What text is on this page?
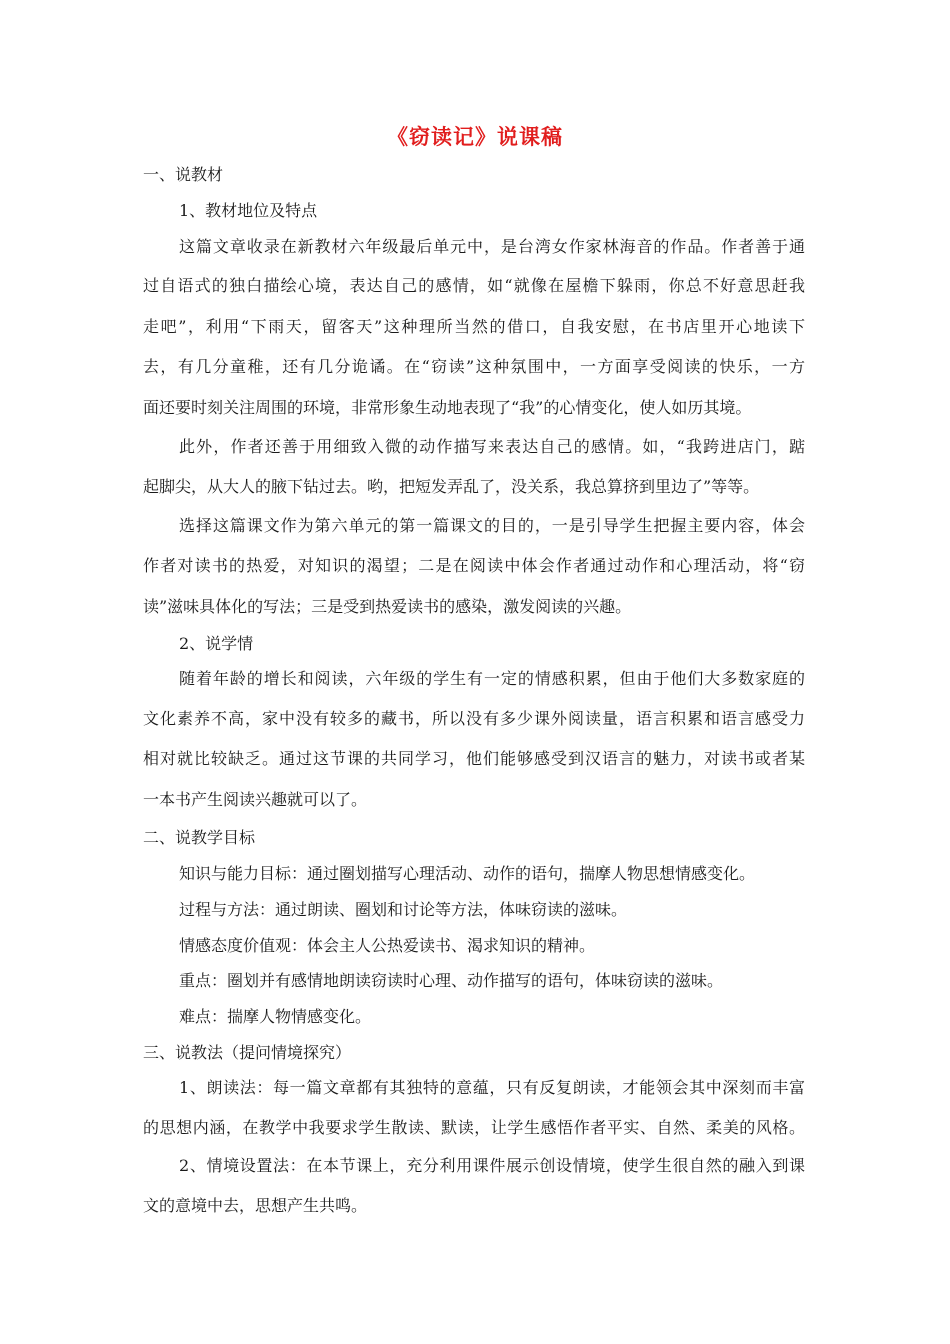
《窃读记》说课稿
一、说教材
1、教材地位及特点
这篇文章收录在新教材六年级最后单元中，是台湾女作家林海音的作品。作者善于通
过自语式的独白描绘心境，表达自己的感情，如“就像在屋檐下躲雨，你总不好意思赶我
走吧”，利用“下雨天，留客天”这种理所当然的借口，自我安慰，在书店里开心地读下
去，有几分童稚，还有几分诡谲。在“窃读”这种氛围中，一方面享受阅读的快乐，一方
面还要时刻关注周围的环境，非常形象生动地表现了“我”的心情变化，使人如历其境。
此外，作者还善于用细致入微的动作描写来表达自己的感情。如，“我跨进店门，踮
起脚尖，从大人的腋下钻过去。哟，把短发弄乱了，没关系，我总算挤到里边了”等等。
选择这篇课文作为第六单元的第一篇课文的目的，一是引导学生把握主要内容，体会
作者对读书的热爱，对知识的渴望；二是在阅读中体会作者通过动作和心理活动，将“窃
读”滋味具体化的写法；三是受到热爱读书的感染，激发阅读的兴趣。
2、说学情
随着年龄的增长和阅读，六年级的学生有一定的情感积累，但由于他们大多数家庭的
文化素养不高，家中没有较多的藏书，所以没有多少课外阅读量，语言积累和语言感受力
相对就比较缺乏。通过这节课的共同学习，他们能够感受到汉语言的魅力，对读书或者某
一本书产生阅读兴趣就可以了。
二、说教学目标
知识与能力目标：通过圈划描写心理活动、动作的语句，揣摩人物思想情感变化。
过程与方法：通过朗读、圈划和讨论等方法，体味窃读的滋味。
情感态度价值观：体会主人公热爱读书、渴求知识的精神。
重点：圈划并有感情地朗读窃读时心理、动作描写的语句，体味窃读的滋味。
难点：揣摩人物情感变化。
三、说教法（提问情境探究）
1、朗读法：每一篇文章都有其独特的意蕴，只有反复朗读，才能领会其中深刻而丰富
的思想内涵，在教学中我要求学生散读、默读，让学生感悟作者平实、自然、柔美的风格。
2、情境设置法：在本节课上，充分利用课件展示创设情境，使学生很自然的融入到课
文的意境中去，思想产生共鸣。
